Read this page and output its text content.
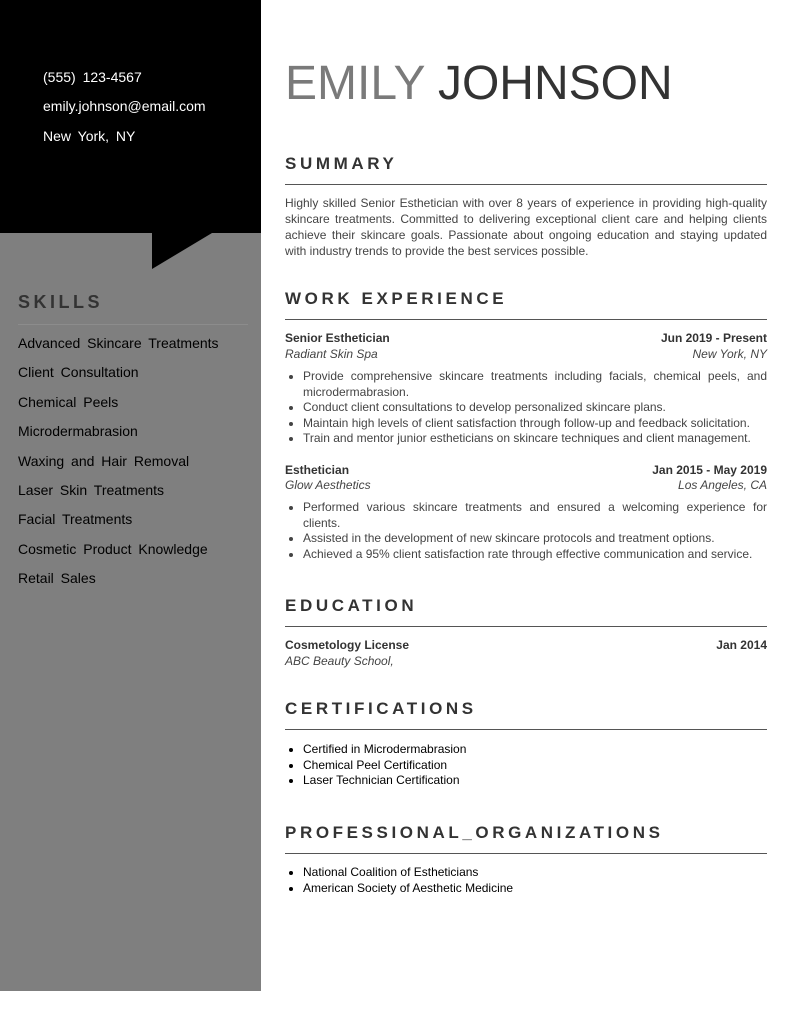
(555) 123-4567
emily.johnson@email.com
New York, NY
SKILLS
Advanced Skincare Treatments
Client Consultation
Chemical Peels
Microdermabrasion
Waxing and Hair Removal
Laser Skin Treatments
Facial Treatments
Cosmetic Product Knowledge
Retail Sales
EMILY JOHNSON
SUMMARY
Highly skilled Senior Esthetician with over 8 years of experience in providing high-quality skincare treatments. Committed to delivering exceptional client care and helping clients achieve their skincare goals. Passionate about ongoing education and staying updated with industry trends to provide the best services possible.
WORK EXPERIENCE
Senior Esthetician	Jun 2019 - Present
Radiant Skin Spa	New York, NY
• Provide comprehensive skincare treatments including facials, chemical peels, and microdermabrasion.
• Conduct client consultations to develop personalized skincare plans.
• Maintain high levels of client satisfaction through follow-up and feedback solicitation.
• Train and mentor junior estheticians on skincare techniques and client management.
Esthetician	Jan 2015 - May 2019
Glow Aesthetics	Los Angeles, CA
• Performed various skincare treatments and ensured a welcoming experience for clients.
• Assisted in the development of new skincare protocols and treatment options.
• Achieved a 95% client satisfaction rate through effective communication and service.
EDUCATION
Cosmetology License	Jan 2014
ABC Beauty School,
CERTIFICATIONS
• Certified in Microdermabrasion
• Chemical Peel Certification
• Laser Technician Certification
PROFESSIONAL_ORGANIZATIONS
• National Coalition of Estheticians
• American Society of Aesthetic Medicine
